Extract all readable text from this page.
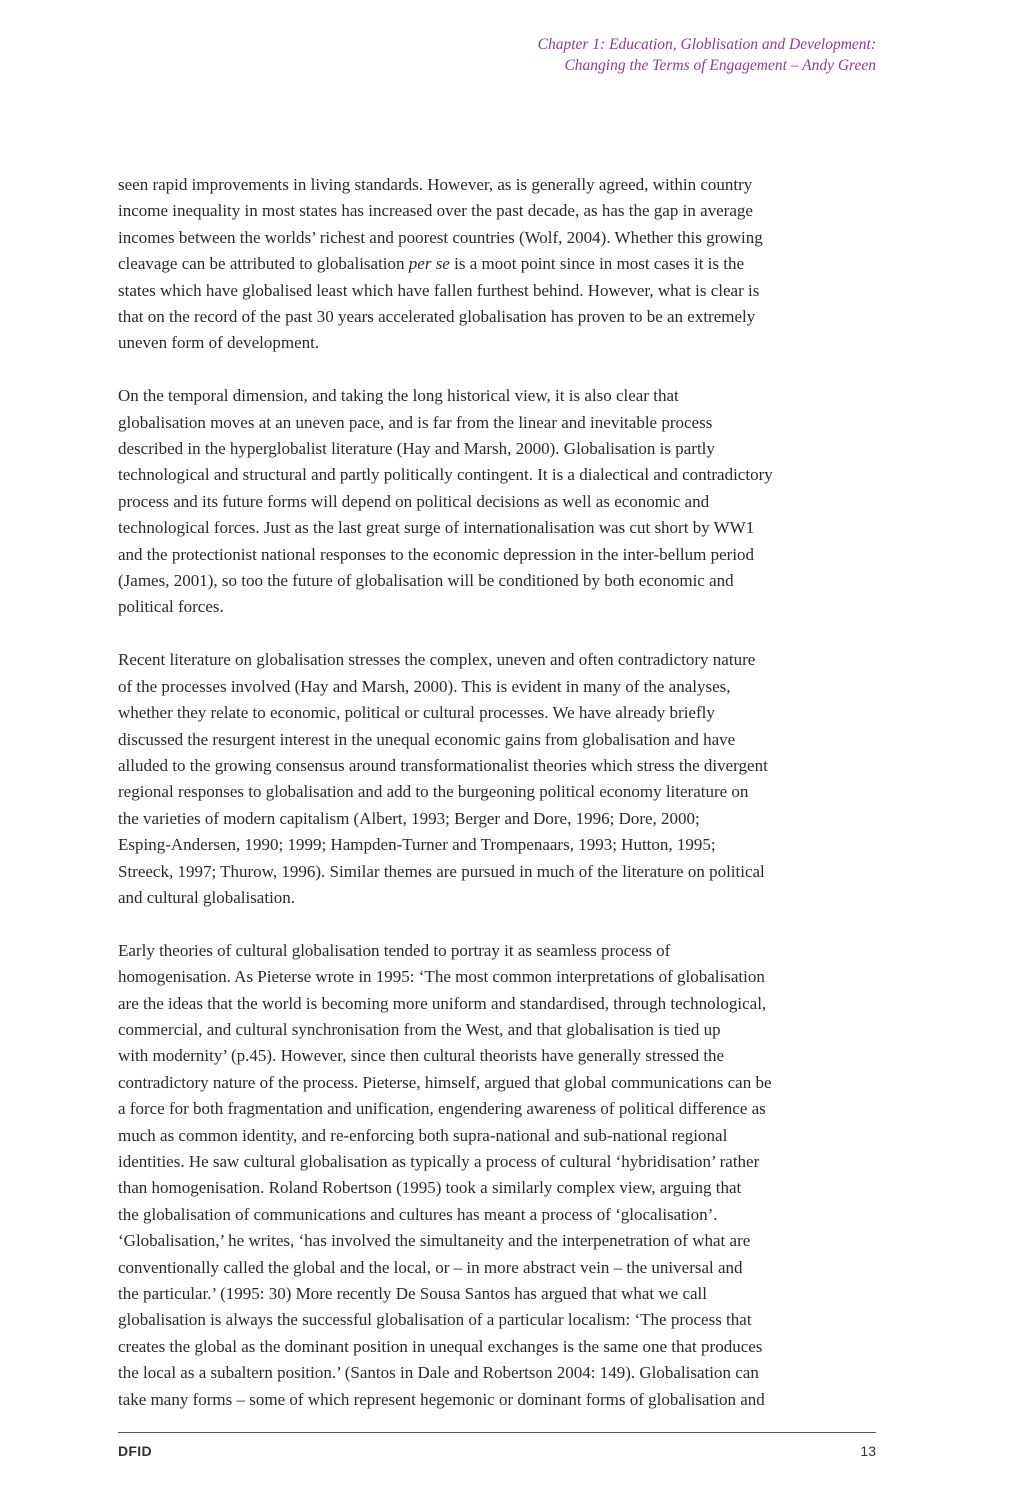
Chapter 1: Education, Globlisation and Development:
Changing the Terms of Engagement – Andy Green

seen rapid improvements in living standards. However, as is generally agreed, within country
income inequality in most states has increased over the past decade, as has the gap in average
incomes between the worlds’ richest and poorest countries (Wolf, 2004). Whether this growing
cleavage can be attributed to globalisation per se is a moot point since in most cases it is the
states which have globalised least which have fallen furthest behind. However, what is clear is
that on the record of the past 30 years accelerated globalisation has proven to be an extremely
uneven form of development.

On the temporal dimension, and taking the long historical view, it is also clear that
globalisation moves at an uneven pace, and is far from the linear and inevitable process
described in the hyperglobalist literature (Hay and Marsh, 2000). Globalisation is partly
technological and structural and partly politically contingent. It is a dialectical and contradictory
process and its future forms will depend on political decisions as well as economic and
technological forces. Just as the last great surge of internationalisation was cut short by WW1
and the protectionist national responses to the economic depression in the inter-bellum period
(James, 2001), so too the future of globalisation will be conditioned by both economic and
political forces.

Recent literature on globalisation stresses the complex, uneven and often contradictory nature
of the processes involved (Hay and Marsh, 2000). This is evident in many of the analyses,
whether they relate to economic, political or cultural processes. We have already briefly
discussed the resurgent interest in the unequal economic gains from globalisation and have
alluded to the growing consensus around transformationalist theories which stress the divergent
regional responses to globalisation and add to the burgeoning political economy literature on
the varieties of modern capitalism (Albert, 1993; Berger and Dore, 1996; Dore, 2000;
Esping-Andersen, 1990; 1999; Hampden-Turner and Trompenaars, 1993; Hutton, 1995;
Streeck, 1997; Thurow, 1996). Similar themes are pursued in much of the literature on political
and cultural globalisation.

Early theories of cultural globalisation tended to portray it as seamless process of
homogenisation. As Pieterse wrote in 1995: ‘The most common interpretations of globalisation
are the ideas that the world is becoming more uniform and standardised, through technological,
commercial, and cultural synchronisation from the West, and that globalisation is tied up
with modernity’ (p.45). However, since then cultural theorists have generally stressed the
contradictory nature of the process. Pieterse, himself, argued that global communications can be
a force for both fragmentation and unification, engendering awareness of political difference as
much as common identity, and re-enforcing both supra-national and sub-national regional
identities. He saw cultural globalisation as typically a process of cultural ‘hybridisation’ rather
than homogenisation. Roland Robertson (1995) took a similarly complex view, arguing that
the globalisation of communications and cultures has meant a process of ‘glocalisation’.
‘Globalisation,’ he writes, ‘has involved the simultaneity and the interpenetration of what are
conventionally called the global and the local, or – in more abstract vein – the universal and
the particular.’ (1995: 30) More recently De Sousa Santos has argued that what we call
globalisation is always the successful globalisation of a particular localism: ‘The process that
creates the global as the dominant position in unequal exchanges is the same one that produces
the local as a subaltern position.’ (Santos in Dale and Robertson 2004: 149). Globalisation can
take many forms – some of which represent hegemonic or dominant forms of globalisation and

DFID	13
